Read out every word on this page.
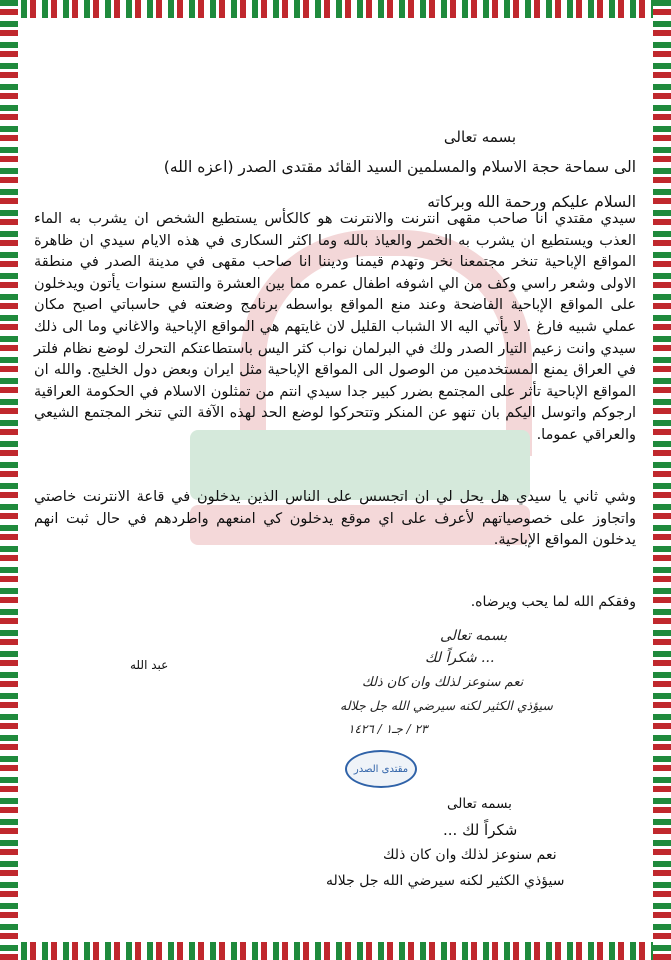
بسمه تعالى
الى سماحة حجة الاسلام والمسلمين السيد القائد مقتدى الصدر (اعزه الله)
السلام عليكم ورحمة الله وبركاته
سيدي مقتدي انا صاحب مقهى انترنت والانترنت هو كالكأس يستطيع الشخص ان يشرب به الماء العذب ويستطيع ان يشرب به الخمر والعياذ بالله وما اكثر السكارى في هذه الايام سيدي ان ظاهرة المواقع الإباحية تنخر مجتمعنا نخر وتهدم قيمنا وديننا انا صاحب مقهى في مدينة الصدر في منطقة الاولى وشعر راسي وكف من الي اشوفه اطفال عمره مما بين العشرة والتسع سنوات يأتون ويدخلون على المواقع الإباحية الفاضحة وعند منع المواقع بواسطه برنامج وضعته في حاسباتي اصبح مكان عملي شبيه فارغ . لا يأتي اليه الا الشباب القليل لان غايتهم هي المواقع الإباحية والاغاني وما الى ذلك سيدي وانت زعيم التيار الصدر ولك في البرلمان نواب كثر اليس باستطاعتكم التحرك لوضع نظام فلتر في العراق يمنع المستخدمين من الوصول الى المواقع الإباحية مثل ايران وبعض دول الخليج. والله ان المواقع الإباحية تأثر على المجتمع بضرر كبير جدا سيدي انتم من تمثلون الاسلام في الحكومة العراقية ارجوكم واتوسل اليكم بان تنهو عن المنكر وتتحركوا لوضع الحد لهذه الآفة التي تنخر المجتمع الشيعي والعراقي عموما.
وشي ثاني يا سيدي هل يحل لي ان اتجسس على الناس الذين يدخلون في قاعة الانترنت خاصتي واتجاوز على خصوصياتهم لأعرف على اي موقع يدخلون كي امنعهم واطردهم في حال ثبت انهم يدخلون المواقع الإباحية.
وفقكم الله لما يحب ويرضاه.
عبد الله
بسمه تعالى
شكراً لك ...
نعم سنوعز لذلك وان كان ذلك
سيؤذي الكثير لكنه سيرضي الله جل جلاله
٢٣ / جـ١ / ١٤٢٦
مقتدى الصدر
بسمه تعالى
شكراً لك ...
نعم سنوعز لذلك وان كان ذلك
سيؤذي الكثير لكنه سيرضي الله جل جلاله
